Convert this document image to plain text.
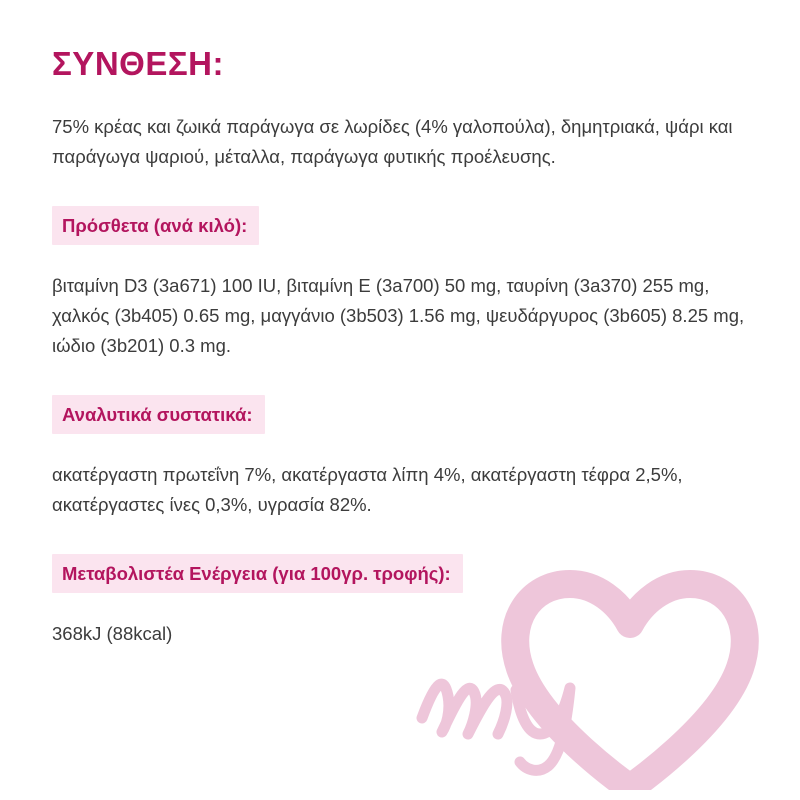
ΣΥΝΘΕΣΗ:

75% κρέας και ζωικά παράγωγα σε λωρίδες (4% γαλοπούλα), δημητριακά, ψάρι και παράγωγα ψαριού, μέταλλα, παράγωγα φυτικής προέλευσης.

Πρόσθετα (ανά κιλό):

βιταμίνη D3 (3a671) 100 IU, βιταμίνη E (3a700) 50 mg, ταυρίνη (3a370) 255 mg, χαλκός (3b405) 0.65 mg, μαγγάνιο (3b503) 1.56 mg, ψευδάργυρος (3b605) 8.25 mg, ιώδιο (3b201) 0.3 mg.

Αναλυτικά συστατικά:

ακατέργαστη πρωτεΐνη 7%, ακατέργαστα λίπη 4%, ακατέργαστη τέφρα 2,5%, ακατέργαστες ίνες 0,3%, υγρασία 82%.

Μεταβολιστέα Ενέργεια (για 100γρ. τροφής):

368kJ (88kcal)
